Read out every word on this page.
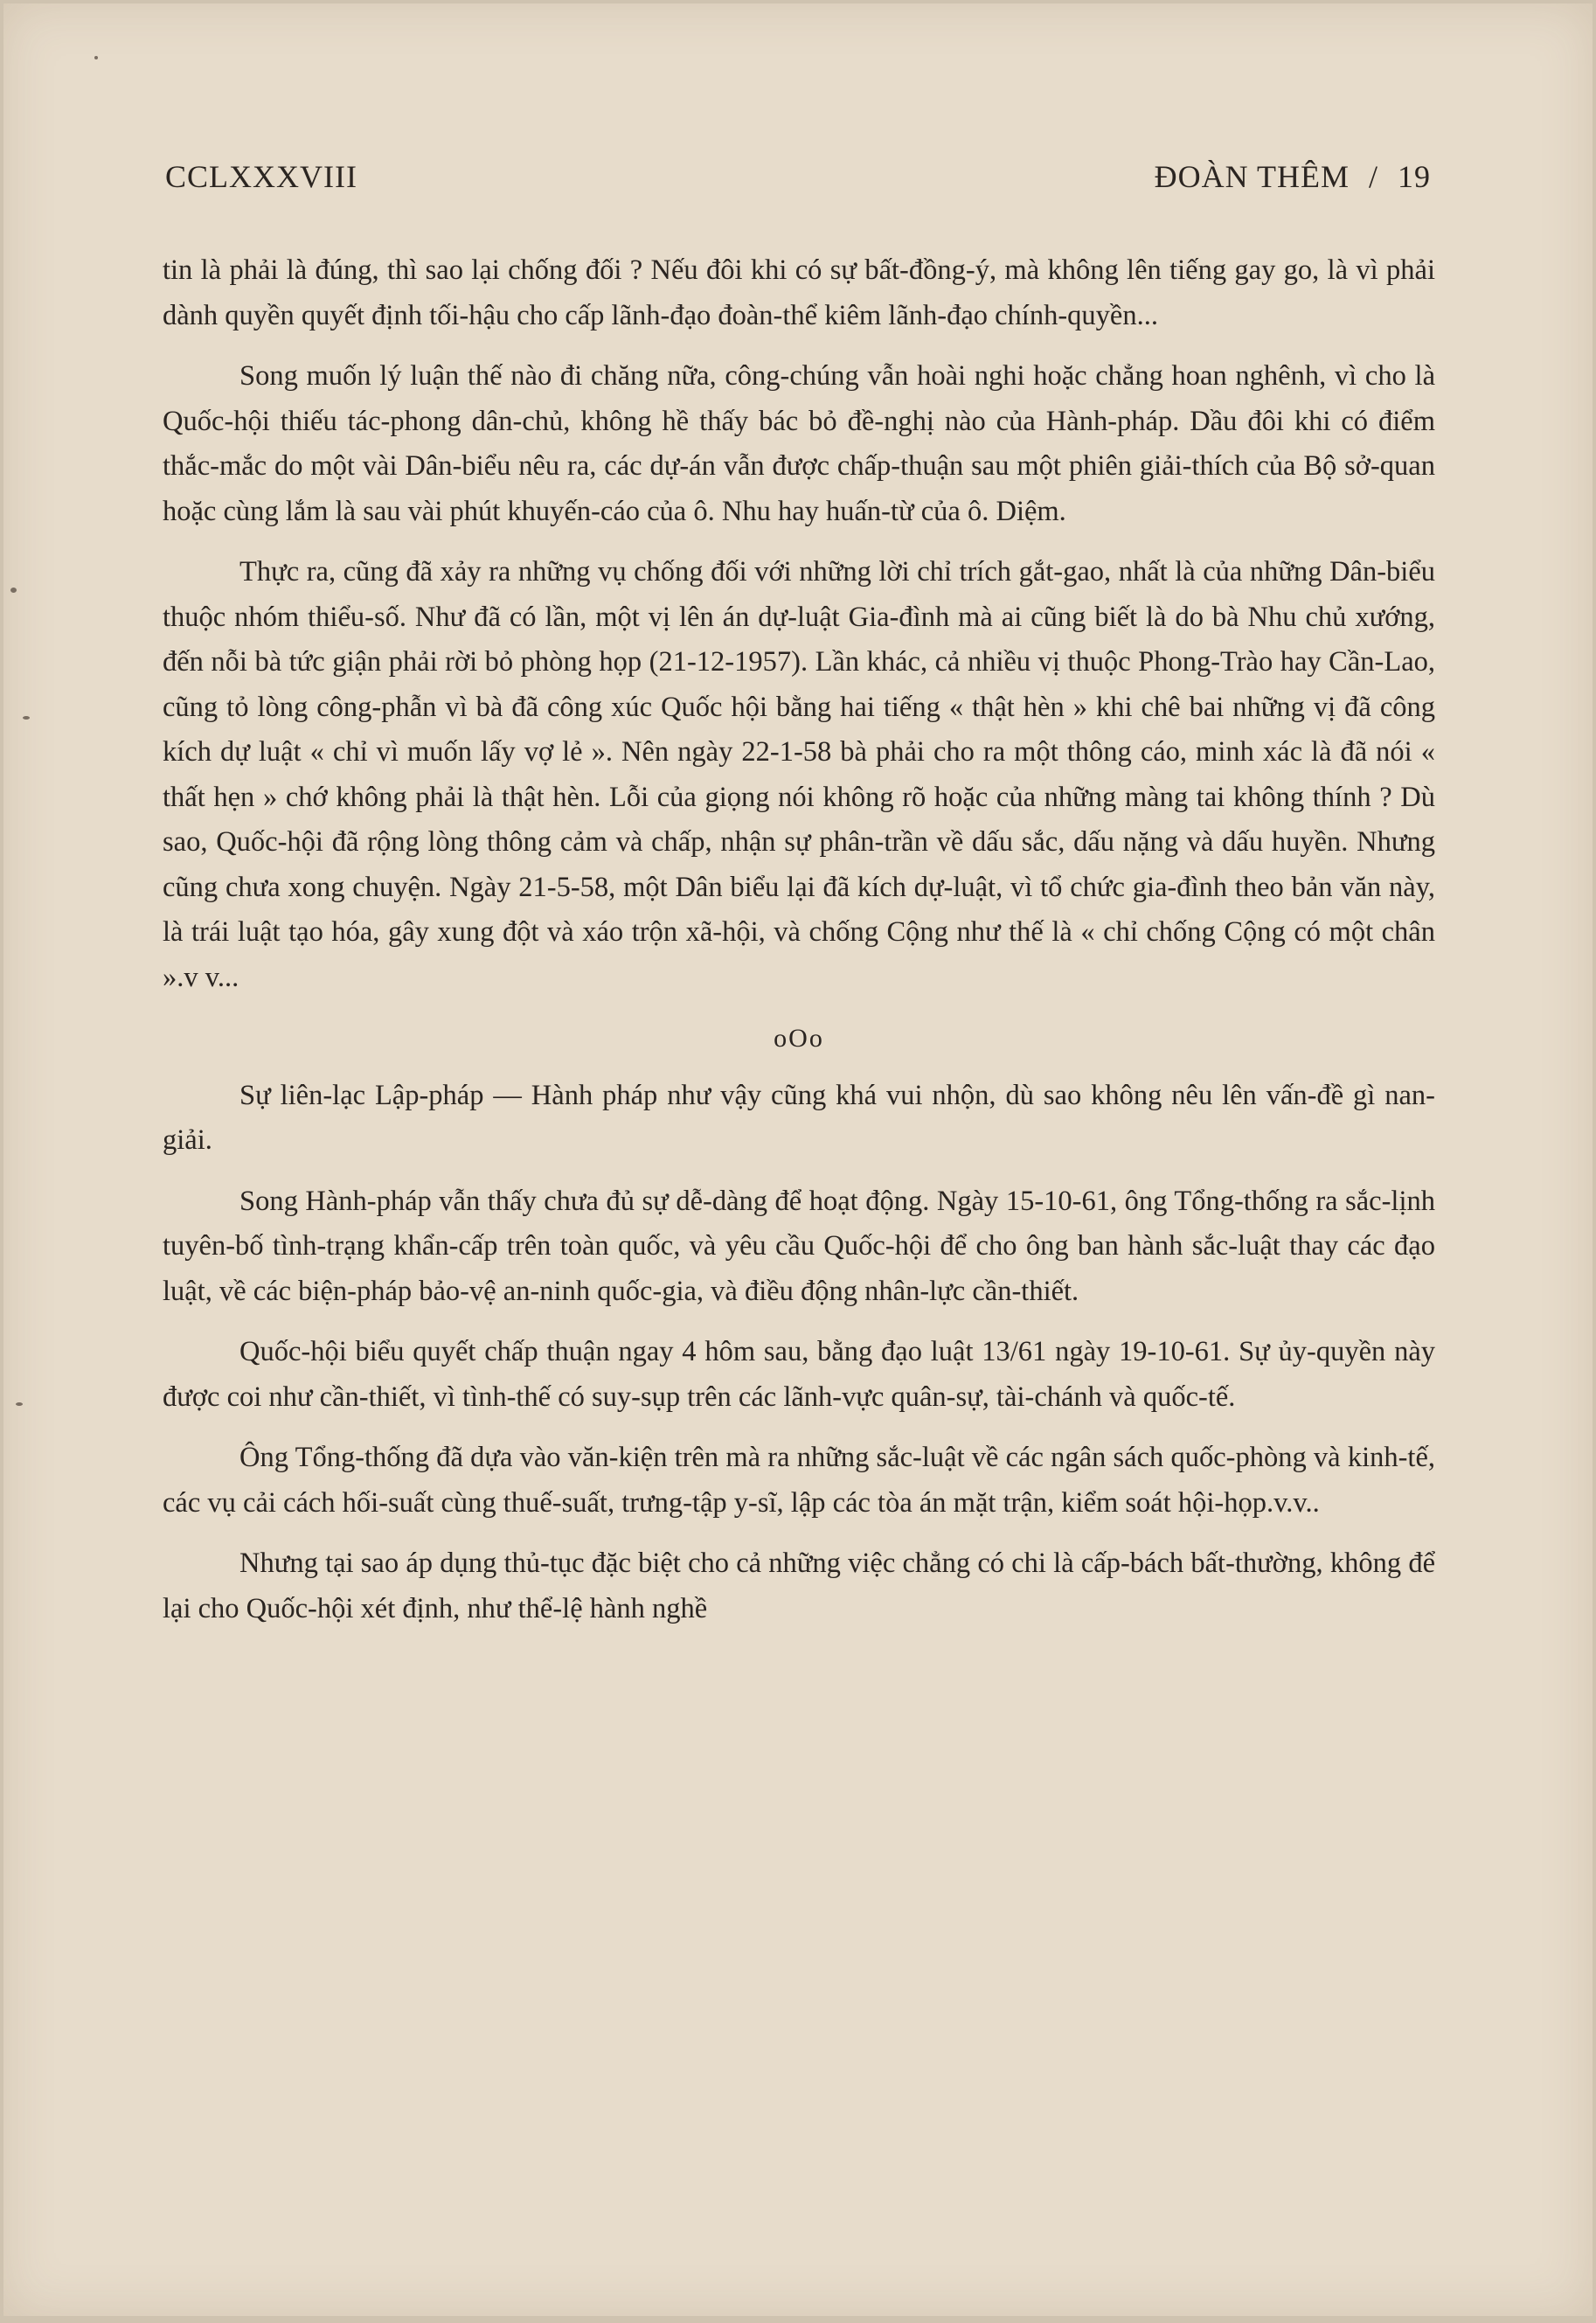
CCLXXXVIII	ĐOÀN THÊM / 19

tin là phải là đúng, thì sao lại chống đối ? Nếu đôi khi có sự bất-đồng-ý, mà không lên tiếng gay go, là vì phải dành quyền quyết định tối-hậu cho cấp lãnh-đạo đoàn-thể kiêm lãnh-đạo chính-quyền...

Song muốn lý luận thế nào đi chăng nữa, công-chúng vẫn hoài nghi hoặc chẳng hoan nghênh, vì cho là Quốc-hội thiếu tác-phong dân-chủ, không hề thấy bác bỏ đề-nghị nào của Hành-pháp. Dầu đôi khi có điểm thắc-mắc do một vài Dân-biểu nêu ra, các dự-án vẫn được chấp-thuận sau một phiên giải-thích của Bộ sở-quan hoặc cùng lắm là sau vài phút khuyến-cáo của ô. Nhu hay huấn-từ của ô. Diệm.

Thực ra, cũng đã xảy ra những vụ chống đối với những lời chỉ trích gắt-gao, nhất là của những Dân-biểu thuộc nhóm thiểu-số. Như đã có lần, một vị lên án dự-luật Gia-đình mà ai cũng biết là do bà Nhu chủ xướng, đến nỗi bà tức giận phải rời bỏ phòng họp (21-12-1957). Lần khác, cả nhiều vị thuộc Phong-Trào hay Cần-Lao, cũng tỏ lòng công-phẫn vì bà đã công xúc Quốc hội bằng hai tiếng « thật hèn » khi chê bai những vị đã công kích dự luật « chỉ vì muốn lấy vợ lẻ ». Nên ngày 22-1-58 bà phải cho ra một thông cáo, minh xác là đã nói « thất hẹn » chớ không phải là thật hèn. Lỗi của giọng nói không rõ hoặc của những màng tai không thính ? Dù sao, Quốc-hội đã rộng lòng thông cảm và chấp, nhận sự phân-trần về dấu sắc, dấu nặng và dấu huyền. Nhưng cũng chưa xong chuyện. Ngày 21-5-58, một Dân biểu lại đã kích dự-luật, vì tổ chức gia-đình theo bản văn này, là trái luật tạo hóa, gây xung đột và xáo trộn xã-hội, và chống Cộng như thế là « chỉ chống Cộng có một chân ».v v...

oOo

Sự liên-lạc Lập-pháp — Hành pháp như vậy cũng khá vui nhộn, dù sao không nêu lên vấn-đề gì nan-giải.

Song Hành-pháp vẫn thấy chưa đủ sự dễ-dàng để hoạt động. Ngày 15-10-61, ông Tổng-thống ra sắc-lịnh tuyên-bố tình-trạng khẩn-cấp trên toàn quốc, và yêu cầu Quốc-hội để cho ông ban hành sắc-luật thay các đạo luật, về các biện-pháp bảo-vệ an-ninh quốc-gia, và điều động nhân-lực cần-thiết.

Quốc-hội biểu quyết chấp thuận ngay 4 hôm sau, bằng đạo luật 13/61 ngày 19-10-61. Sự ủy-quyền này được coi như cần-thiết, vì tình-thế có suy-sụp trên các lãnh-vực quân-sự, tài-chánh và quốc-tế.

Ông Tổng-thống đã dựa vào văn-kiện trên mà ra những sắc-luật về các ngân sách quốc-phòng và kinh-tế, các vụ cải cách hối-suất cùng thuế-suất, trưng-tập y-sĩ, lập các tòa án mặt trận, kiểm soát hội-họp.v.v..

Nhưng tại sao áp dụng thủ-tục đặc biệt cho cả những việc chẳng có chi là cấp-bách bất-thường, không để lại cho Quốc-hội xét định, như thể-lệ hành nghề
